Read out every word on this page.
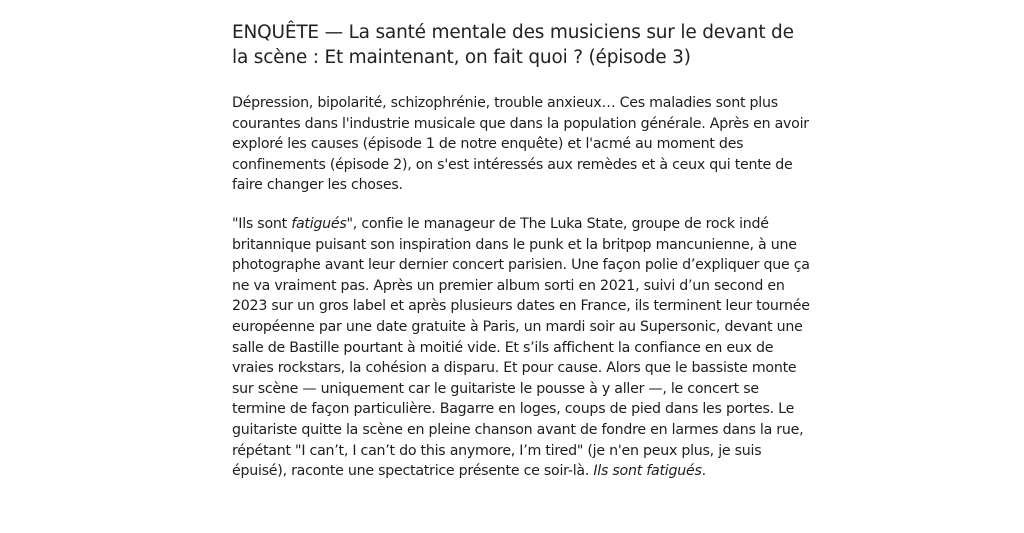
ENQUÊTE — La santé mentale des musiciens sur le devant de la scène : Et maintenant, on fait quoi ? (épisode 3)

Dépression, bipolarité, schizophrénie, trouble anxieux… Ces maladies sont plus courantes dans l'industrie musicale que dans la population générale. Après en avoir exploré les causes (épisode 1 de notre enquête) et l'acmé au moment des confinements (épisode 2), on s'est intéressés aux remèdes et à ceux qui tente de faire changer les choses.

"Ils sont fatigués", confie le manageur de The Luka State, groupe de rock indé britannique puisant son inspiration dans le punk et la britpop mancunienne, à une photographe avant leur dernier concert parisien. Une façon polie d’expliquer que ça ne va vraiment pas. Après un premier album sorti en 2021, suivi d’un second en 2023 sur un gros label et après plusieurs dates en France, ils terminent leur tournée européenne par une date gratuite à Paris, un mardi soir au Supersonic, devant une salle de Bastille pourtant à moitié vide. Et s’ils affichent la confiance en eux de vraies rockstars, la cohésion a disparu. Et pour cause. Alors que le bassiste monte sur scène — uniquement car le guitariste le pousse à y aller —, le concert se termine de façon particulière. Bagarre en loges, coups de pied dans les portes. Le guitariste quitte la scène en pleine chanson avant de fondre en larmes dans la rue, répétant "I can’t, I can’t do this anymore, I’m tired" (je n'en peux plus, je suis épuisé), raconte une spectatrice présente ce soir-là. Ils sont fatigués.
